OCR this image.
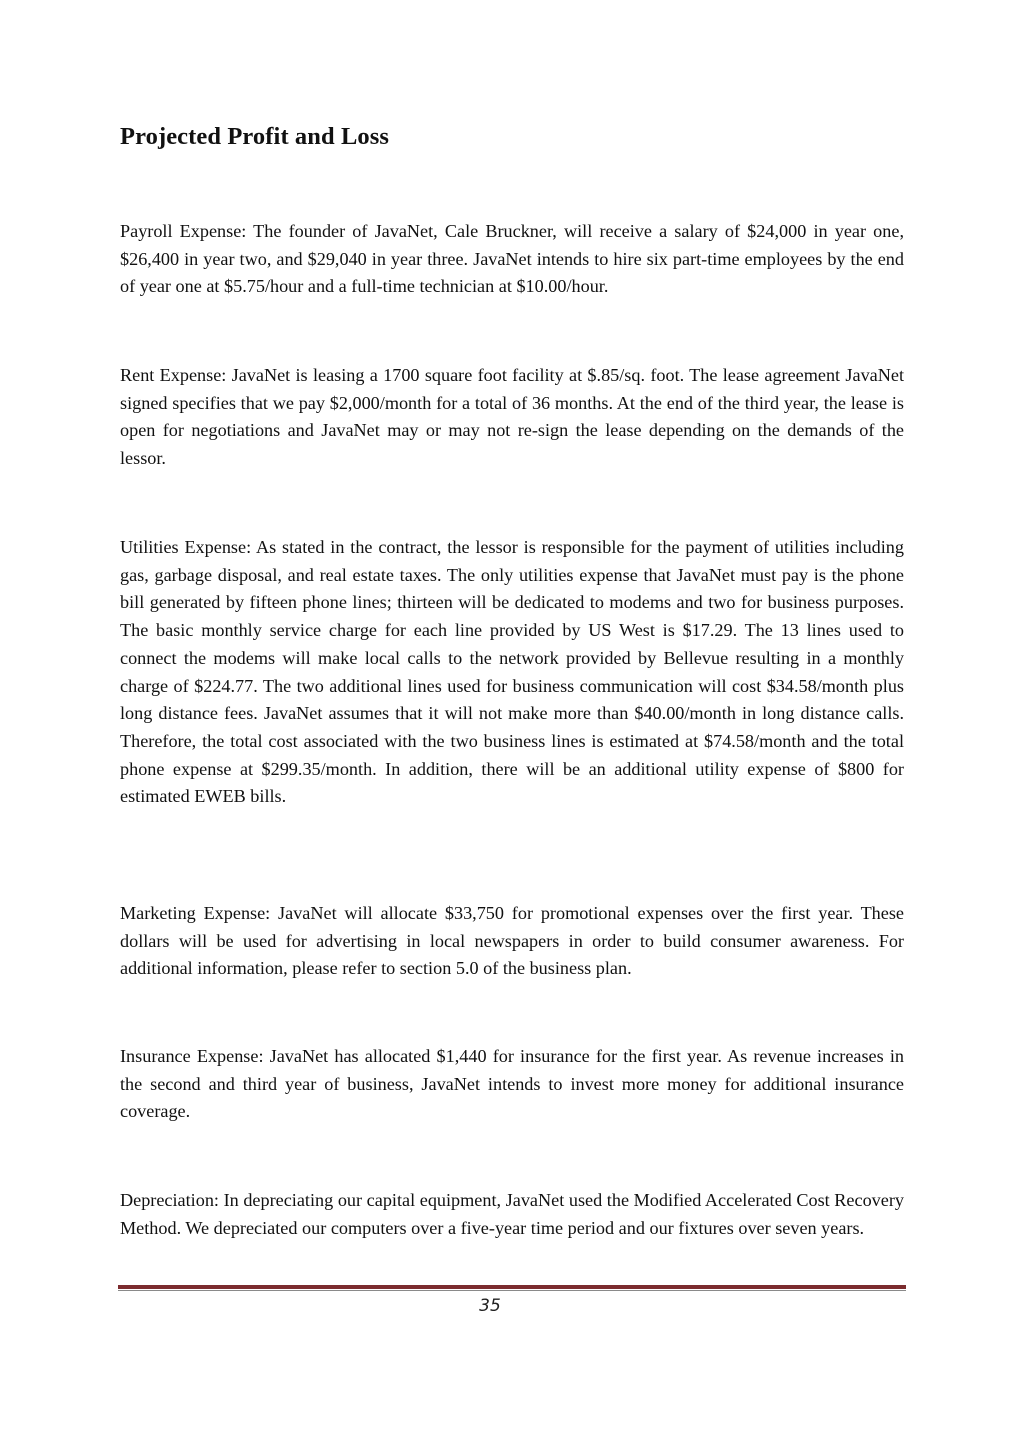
Projected Profit and Loss

Payroll Expense: The founder of JavaNet, Cale Bruckner, will receive a salary of $24,000 in year one, $26,400 in year two, and $29,040 in year three. JavaNet intends to hire six part-time employees by the end of year one at $5.75/hour and a full-time technician at $10.00/hour.

Rent Expense: JavaNet is leasing a 1700 square foot facility at $.85/sq. foot. The lease agreement JavaNet signed specifies that we pay $2,000/month for a total of 36 months. At the end of the third year, the lease is open for negotiations and JavaNet may or may not re-sign the lease depending on the demands of the lessor.

Utilities Expense: As stated in the contract, the lessor is responsible for the payment of utilities including gas, garbage disposal, and real estate taxes. The only utilities expense that JavaNet must pay is the phone bill generated by fifteen phone lines; thirteen will be dedicated to modems and two for business purposes. The basic monthly service charge for each line provided by US West is $17.29. The 13 lines used to connect the modems will make local calls to the network provided by Bellevue resulting in a monthly charge of $224.77. The two additional lines used for business communication will cost $34.58/month plus long distance fees. JavaNet assumes that it will not make more than $40.00/month in long distance calls. Therefore, the total cost associated with the two business lines is estimated at $74.58/month and the total phone expense at $299.35/month. In addition, there will be an additional utility expense of $800 for estimated EWEB bills.

Marketing Expense: JavaNet will allocate $33,750 for promotional expenses over the first year. These dollars will be used for advertising in local newspapers in order to build consumer awareness. For additional information, please refer to section 5.0 of the business plan.

Insurance Expense: JavaNet has allocated $1,440 for insurance for the first year. As revenue increases in the second and third year of business, JavaNet intends to invest more money for additional insurance coverage.

Depreciation: In depreciating our capital equipment, JavaNet used the Modified Accelerated Cost Recovery Method. We depreciated our computers over a five-year time period and our fixtures over seven years.

35
